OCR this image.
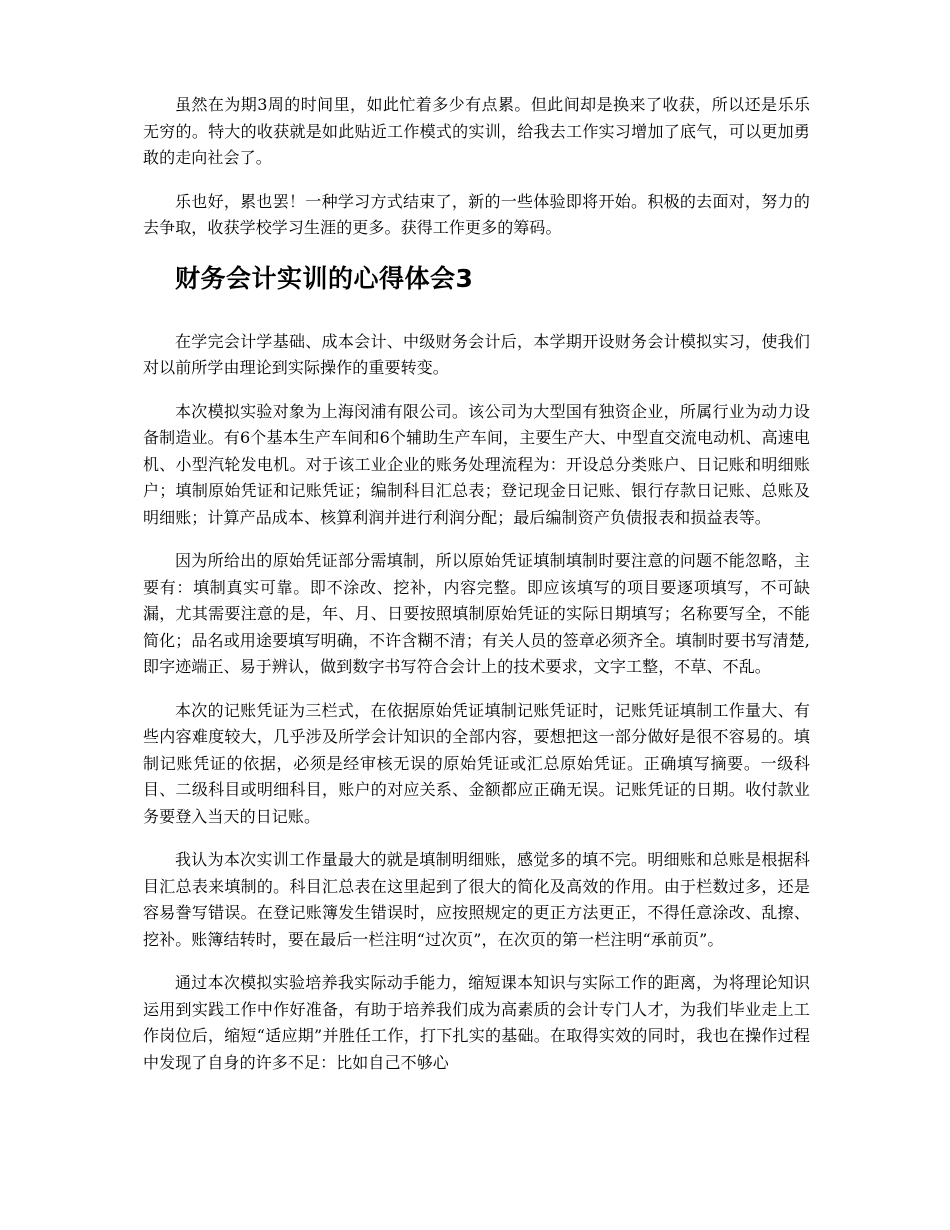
虽然在为期3周的时间里，如此忙着多少有点累。但此间却是换来了收获，所以还是乐乐无穷的。特大的收获就是如此贴近工作模式的实训，给我去工作实习增加了底气，可以更加勇敢的走向社会了。

乐也好，累也罢！一种学习方式结束了，新的一些体验即将开始。积极的去面对，努力的去争取，收获学校学习生涯的更多。获得工作更多的筹码。

财务会计实训的心得体会3

在学完会计学基础、成本会计、中级财务会计后，本学期开设财务会计模拟实习，使我们对以前所学由理论到实际操作的重要转变。

本次模拟实验对象为上海闵浦有限公司。该公司为大型国有独资企业，所属行业为动力设备制造业。有6个基本生产车间和6个辅助生产车间，主要生产大、中型直交流电动机、高速电机、小型汽轮发电机。对于该工业企业的账务处理流程为：开设总分类账户、日记账和明细账户；填制原始凭证和记账凭证；编制科目汇总表；登记现金日记账、银行存款日记账、总账及明细账；计算产品成本、核算利润并进行利润分配；最后编制资产负债报表和损益表等。

因为所给出的原始凭证部分需填制，所以原始凭证填制填制时要注意的问题不能忽略，主要有：填制真实可靠。即不涂改、挖补，内容完整。即应该填写的项目要逐项填写，不可缺漏，尤其需要注意的是，年、月、日要按照填制原始凭证的实际日期填写；名称要写全，不能简化；品名或用途要填写明确，不许含糊不清；有关人员的签章必须齐全。填制时要书写清楚,即字迹端正、易于辨认，做到数字书写符合会计上的技术要求，文字工整，不草、不乱。

本次的记账凭证为三栏式，在依据原始凭证填制记账凭证时，记账凭证填制工作量大、有些内容难度较大，几乎涉及所学会计知识的全部内容，要想把这一部分做好是很不容易的。填制记账凭证的依据，必须是经审核无误的原始凭证或汇总原始凭证。正确填写摘要。一级科目、二级科目或明细科目，账户的对应关系、金额都应正确无误。记账凭证的日期。收付款业务要登入当天的日记账。

我认为本次实训工作量最大的就是填制明细账，感觉多的填不完。明细账和总账是根据科目汇总表来填制的。科目汇总表在这里起到了很大的简化及高效的作用。由于栏数过多，还是容易誊写错误。在登记账簿发生错误时，应按照规定的更正方法更正，不得任意涂改、乱擦、挖补。账簿结转时，要在最后一栏注明“过次页”，在次页的第一栏注明“承前页”。

通过本次模拟实验培养我实际动手能力，缩短课本知识与实际工作的距离，为将理论知识运用到实践工作中作好准备，有助于培养我们成为高素质的会计专门人才，为我们毕业走上工作岗位后，缩短“适应期”并胜任工作，打下扎实的基础。在取得实效的同时，我也在操作过程中发现了自身的许多不足：比如自己不够心
